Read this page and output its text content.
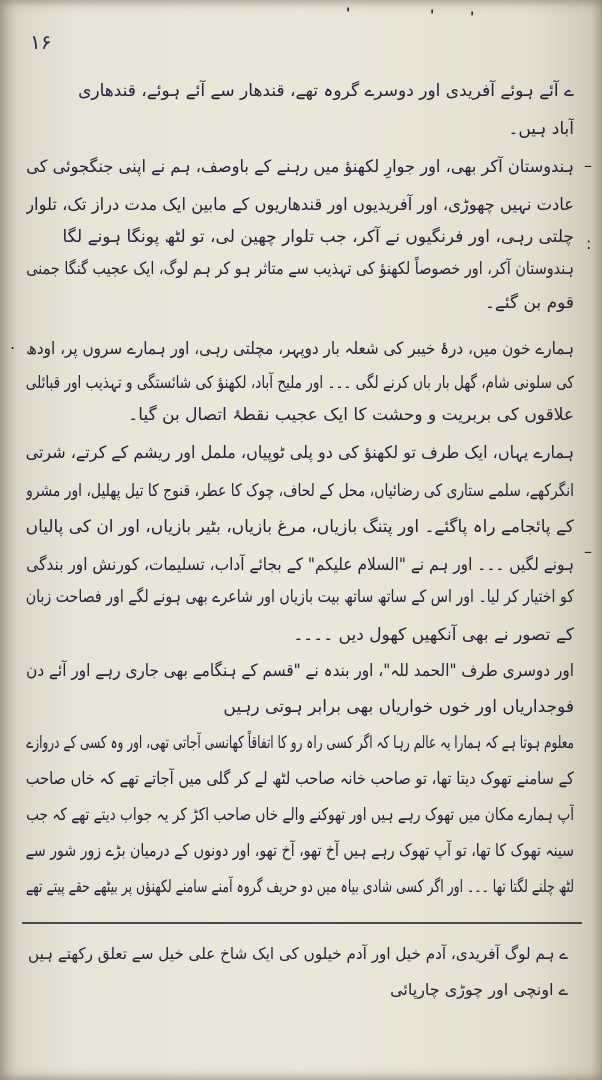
۱۶
'	'	'
ے آئے ہوئے آفریدی اور دوسرے گروہ تھے، قندھار سے آئے ہوئے، قندھاری
آباد ہیں۔
ہندوستان آکر بھی، اور جوارِ لکھنؤ میں رہنے کے باوصف، ہم نے اپنی جنگجوئی کی
عادت نہیں چھوڑی، اور آفریدیوں اور قندھاریوں کے مابین ایک مدت دراز تک، تلوار
چلتی رہی، اور فرنگیوں نے آکر، جب تلوار چھین لی، تو لٹھ پونگا ہونے لگا
ہندوستان آکر، اور خصوصاً لکھنؤ کی تہذیب سے متاثر ہو کر ہم لوگ، ایک عجیب گنگا جمنی
قوم بن گئے۔
ہمارے خون میں، درۂ خیبر کی شعلہ بار دوپہر، مچلتی رہی، اور ہمارے سروں پر، اودھ
کی سلونی شام، گھل بار باں کرنے لگی ۔۔۔ اور ملیح آباد، لکھنؤ کی شائستگی و تہذیب اور قبائلی
علاقوں کی بربریت و وحشت کا ایک عجیب نقطۂ اتصال بن گیا۔
ہمارے یہاں، ایک طرف تو لکھنؤ کی دو پلی ٹوپیاں، ململ اور ریشم کے کرتے، شرتی
انگرکھے، سلمے ستاری کی رضائیاں، محل کے لحاف، چوک کا عطر، قنوج کا تیل پھلیل، اور مشرو
کے پائجامے راہ پاگئے۔ اور پتنگ بازیاں، مرغ بازیاں، بٹیر بازیاں، اور ان کی پالیاں
ہونے لگیں ۔۔۔ اور ہم نے "السلام علیکم" کے بجائے آداب، تسلیمات، کورنش اور بندگی
کو اختیار کر لیا۔ اور اس کے ساتھ ساتھ بیت بازیاں اور شاعرے بھی ہونے لگے اور فصاحت زبان
کے تصور نے بھی آنکھیں کھول دیں ۔۔۔۔
اور دوسری طرف "الحمد للہ"، اور بندہ نے "قسم کے ہنگامے بھی جاری رہے اور آئے دن
فوجداریاں اور خوں خواریاں بھی برابر ہوتی رہیں
معلوم ہوتا ہے کہ ہمارا یہ عالم رہا کہ اگر کسی راہ رو کا اتفاقاً کھانسی آجاتی تھی، اور وہ کسی کے دروازے
کے سامنے تھوک دیتا تھا، تو صاحب خانہ صاحب لٹھ لے کر گلی میں آجاتے تھے کہ خاں صاحب
آپ ہمارے مکان میں تھوک رہے ہیں اور تھوکنے والے خاں صاحب اکڑ کر یہ جواب دیتے تھے کہ جب
سینہ تھوک کا تھا، تو آپ تھوک رہے ہیں آخ تھو، آخ تھو، اور دونوں کے درمیان بڑے زور شور سے
لٹھ چلنے لگتا تھا ۔۔۔ اور اگر کسی شادی بیاہ میں دو حریف گروہ آمنے سامنے لکھنؤں پر بیٹھے حقے پیتے تھے
–
:
.
–
ے ہم لوگ آفریدی، آدم خیل اور آدم خیلوں کی ایک شاخ علی خیل سے تعلق رکھتے ہیں
ے اونچی اور چوڑی چارپائی
